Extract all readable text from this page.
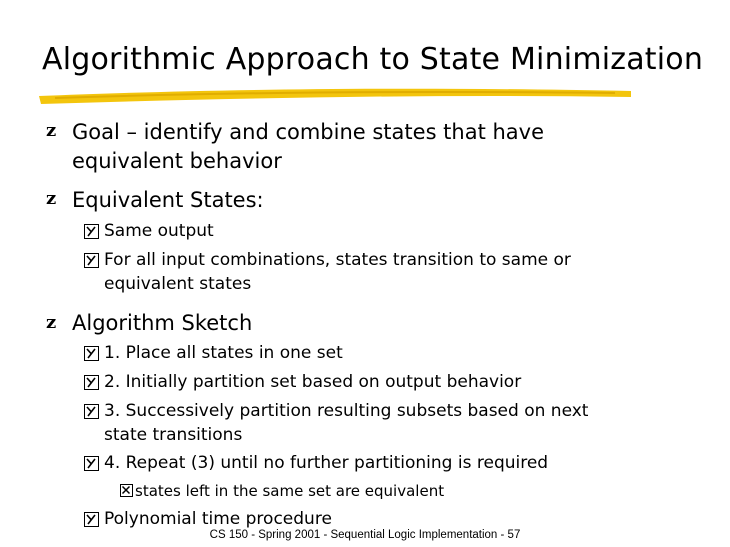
Algorithmic Approach to State Minimization
z Goal – identify and combine states that have
equivalent behavior
z Equivalent States:
Same output
For all input combinations, states transition to same or
equivalent states
z Algorithm Sketch
1. Place all states in one set
2. Initially partition set based on output behavior
3. Successively partition resulting subsets based on next
state transitions
4. Repeat (3) until no further partitioning is required
states left in the same set are equivalent
Polynomial time procedure
CS 150 - Spring 2001 - Sequential Logic Implementation - 57
